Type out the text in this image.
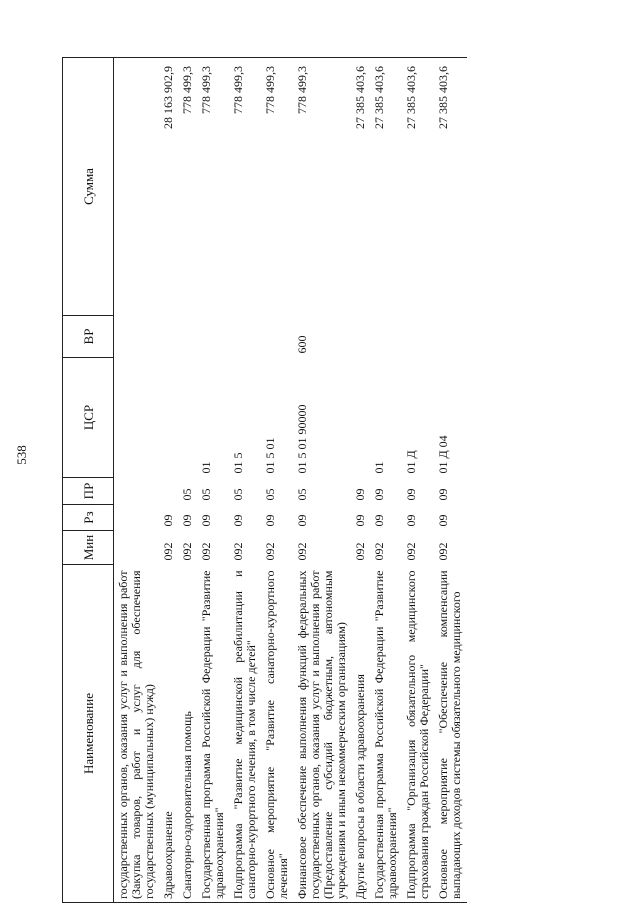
538
Наименование	Мин	Рз	ПР	ЦСР	ВР	Сумма
государственных органов, оказания услуг и выполнения работ (Закупка товаров, работ и услуг для обеспечения государственных (муниципальных) нужд)						
Здравоохранение	092	09				28 163 902,9
Санаторно-оздоровительная помощь	092	09	05			778 499,3
Государственная программа Российской Федерации "Развитие здравоохранения"	092	09	05	01		778 499,3
Подпрограмма "Развитие медицинской реабилитации и санаторно-курортного лечения, в том числе детей"	092	09	05	01 5		778 499,3
Основное мероприятие "Развитие санаторно-курортного лечения"	092	09	05	01 5 01		778 499,3
Финансовое обеспечение выполнения функций федеральных государственных органов, оказания услуг и выполнения работ (Предоставление субсидий бюджетным, автономным учреждениям и иным некоммерческим организациям)	092	09	05	01 5 01 90000	600	778 499,3
Другие вопросы в области здравоохранения	092	09	09			27 385 403,6
Государственная программа Российской Федерации "Развитие здравоохранения"	092	09	09	01		27 385 403,6
Подпрограмма "Организация обязательного медицинского страхования граждан Российской Федерации"	092	09	09	01 Д		27 385 403,6
Основное мероприятие "Обеспечение компенсации выпадающих доходов системы обязательного медицинского	092	09	09	01 Д 04		27 385 403,6
